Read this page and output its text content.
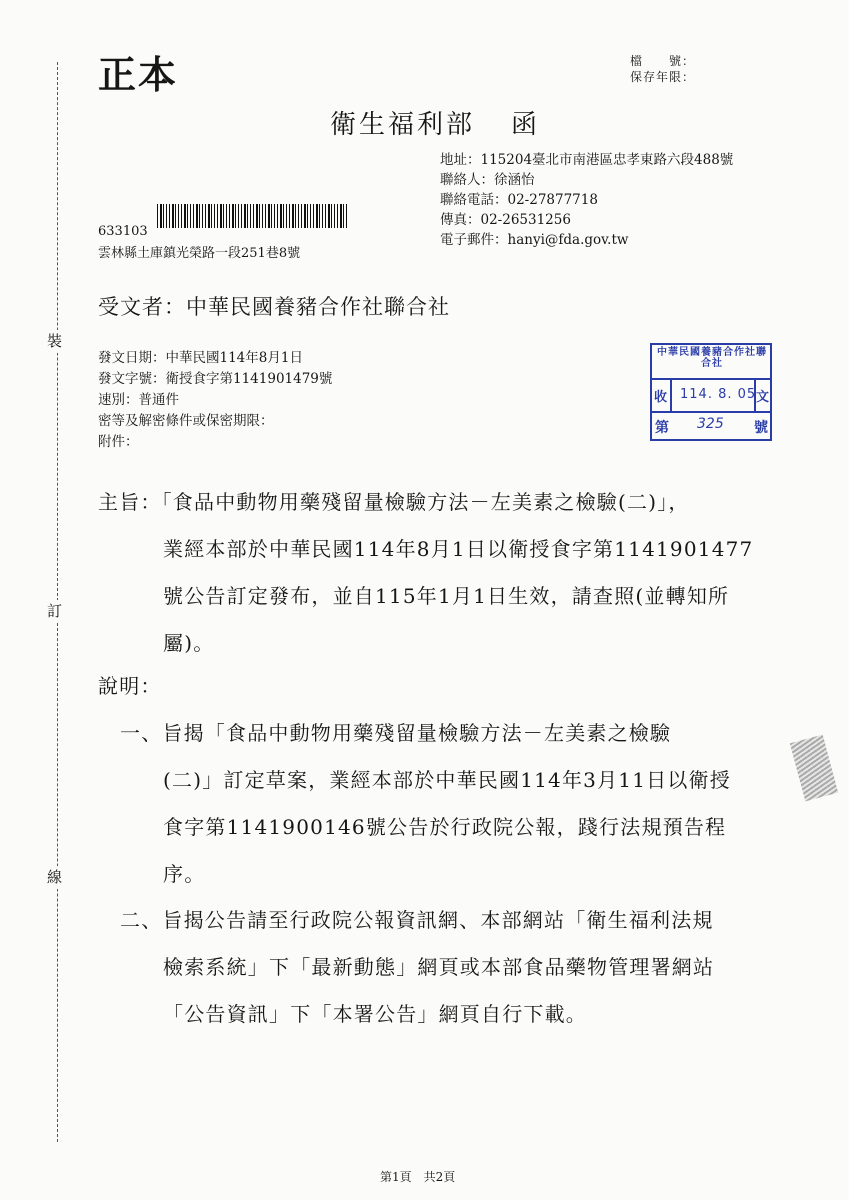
裝
訂
線
正本	檔　　號：
保存年限：
衛生福利部 函
地址：115204臺北市南港區忠孝東路六段488號
聯絡人：徐涵怡
聯絡電話：02-27877718
傳真：02-26531256
電子郵件：hanyi@fda.gov.tw
633103
雲林縣土庫鎮光榮路一段251巷8號
受文者：中華民國養豬合作社聯合社
發文日期：中華民國114年8月1日
發文字號：衛授食字第1141901479號
速別：普通件
密等及解密條件或保密期限：
附件：
中華民國養豬合作社聯合社
收 114. 8. 05 文
第 325 號
主旨：「食品中動物用藥殘留量檢驗方法－左美素之檢驗(二)」，
業經本部於中華民國114年8月1日以衛授食字第1141901477
號公告訂定發布，並自115年1月1日生效，請查照(並轉知所
屬)。
說明：
一、旨揭「食品中動物用藥殘留量檢驗方法－左美素之檢驗
(二)」訂定草案，業經本部於中華民國114年3月11日以衛授
食字第1141900146號公告於行政院公報，踐行法規預告程
序。
二、旨揭公告請至行政院公報資訊網、本部網站「衛生福利法規
檢索系統」下「最新動態」網頁或本部食品藥物管理署網站
「公告資訊」下「本署公告」網頁自行下載。
第1頁　共2頁
